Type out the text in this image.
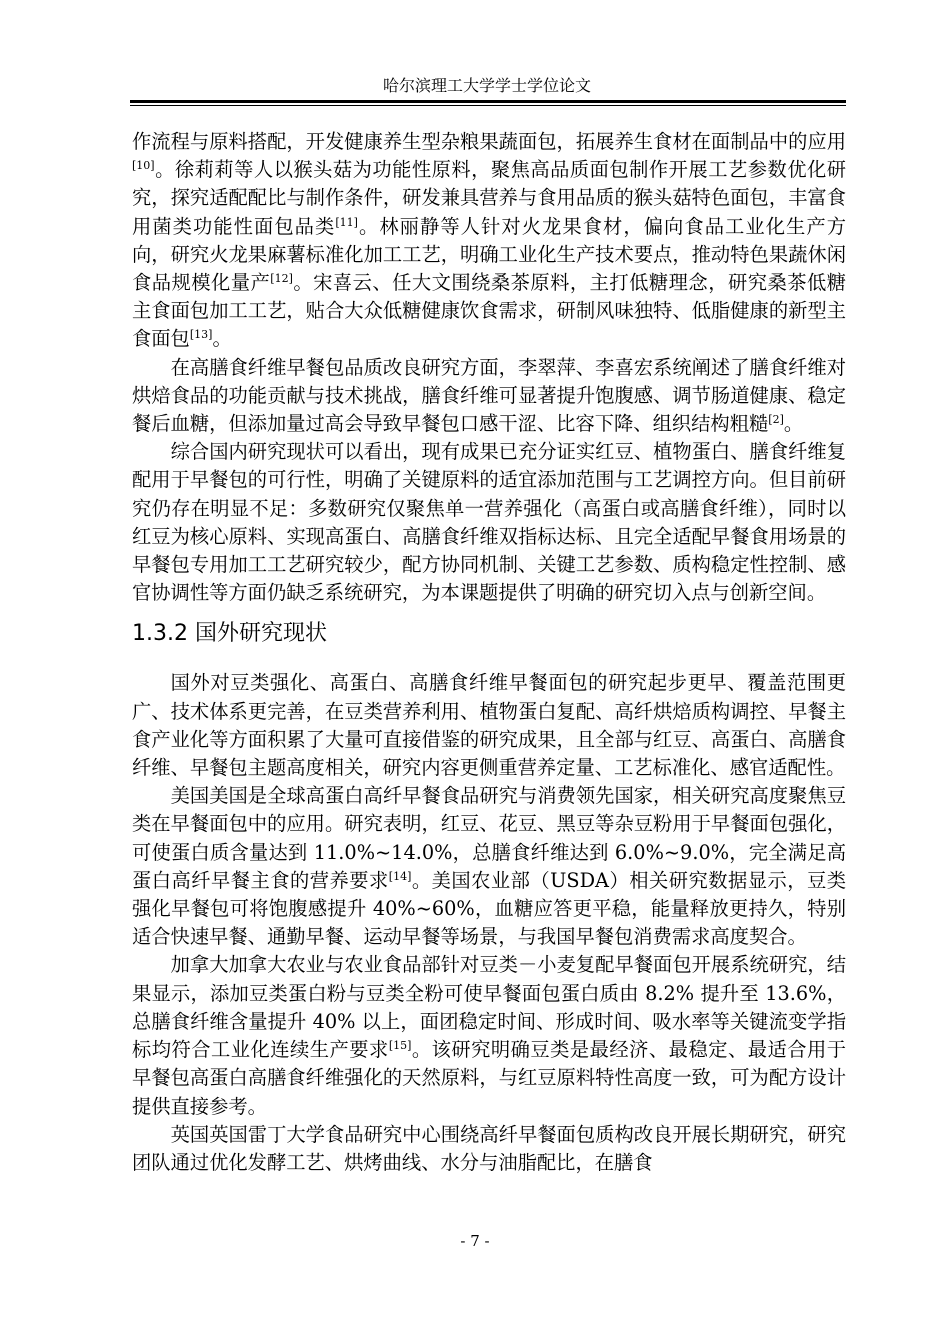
哈尔滨理工大学学士学位论文

作流程与原料搭配，开发健康养生型杂粮果蔬面包，拓展养生食材在面制品中的应用[10]。徐莉莉等人以猴头菇为功能性原料，聚焦高品质面包制作开展工艺参数优化研究，探究适配配比与制作条件，研发兼具营养与食用品质的猴头菇特色面包，丰富食用菌类功能性面包品类[11]。林丽静等人针对火龙果食材，偏向食品工业化生产方向，研究火龙果麻薯标准化加工工艺，明确工业化生产技术要点，推动特色果蔬休闲食品规模化量产[12]。宋喜云、任大文围绕桑茶原料，主打低糖理念，研究桑茶低糖主食面包加工工艺，贴合大众低糖健康饮食需求，研制风味独特、低脂健康的新型主食面包[13]。

在高膳食纤维早餐包品质改良研究方面，李翠萍、李喜宏系统阐述了膳食纤维对烘焙食品的功能贡献与技术挑战，膳食纤维可显著提升饱腹感、调节肠道健康、稳定餐后血糖，但添加量过高会导致早餐包口感干涩、比容下降、组织结构粗糙[2]。

综合国内研究现状可以看出，现有成果已充分证实红豆、植物蛋白、膳食纤维复配用于早餐包的可行性，明确了关键原料的适宜添加范围与工艺调控方向。但目前研究仍存在明显不足：多数研究仅聚焦单一营养强化（高蛋白或高膳食纤维），同时以红豆为核心原料、实现高蛋白、高膳食纤维双指标达标、且完全适配早餐食用场景的早餐包专用加工工艺研究较少，配方协同机制、关键工艺参数、质构稳定性控制、感官协调性等方面仍缺乏系统研究，为本课题提供了明确的研究切入点与创新空间。

1.3.2 国外研究现状

国外对豆类强化、高蛋白、高膳食纤维早餐面包的研究起步更早、覆盖范围更广、技术体系更完善，在豆类营养利用、植物蛋白复配、高纤烘焙质构调控、早餐主食产业化等方面积累了大量可直接借鉴的研究成果，且全部与红豆、高蛋白、高膳食纤维、早餐包主题高度相关，研究内容更侧重营养定量、工艺标准化、感官适配性。

美国美国是全球高蛋白高纤早餐食品研究与消费领先国家，相关研究高度聚焦豆类在早餐面包中的应用。研究表明，红豆、花豆、黑豆等杂豆粉用于早餐面包强化，可使蛋白质含量达到 11.0%~14.0%，总膳食纤维达到 6.0%~9.0%，完全满足高蛋白高纤早餐主食的营养要求[14]。美国农业部（USDA）相关研究数据显示，豆类强化早餐包可将饱腹感提升 40%~60%，血糖应答更平稳，能量释放更持久，特别适合快速早餐、通勤早餐、运动早餐等场景，与我国早餐包消费需求高度契合。

加拿大加拿大农业与农业食品部针对豆类－小麦复配早餐面包开展系统研究，结果显示，添加豆类蛋白粉与豆类全粉可使早餐面包蛋白质由 8.2% 提升至 13.6%，总膳食纤维含量提升 40% 以上，面团稳定时间、形成时间、吸水率等关键流变学指标均符合工业化连续生产要求[15]。该研究明确豆类是最经济、最稳定、最适合用于早餐包高蛋白高膳食纤维强化的天然原料，与红豆原料特性高度一致，可为配方设计提供直接参考。

英国英国雷丁大学食品研究中心围绕高纤早餐面包质构改良开展长期研究，研究团队通过优化发酵工艺、烘烤曲线、水分与油脂配比，在膳食

- 7 -
